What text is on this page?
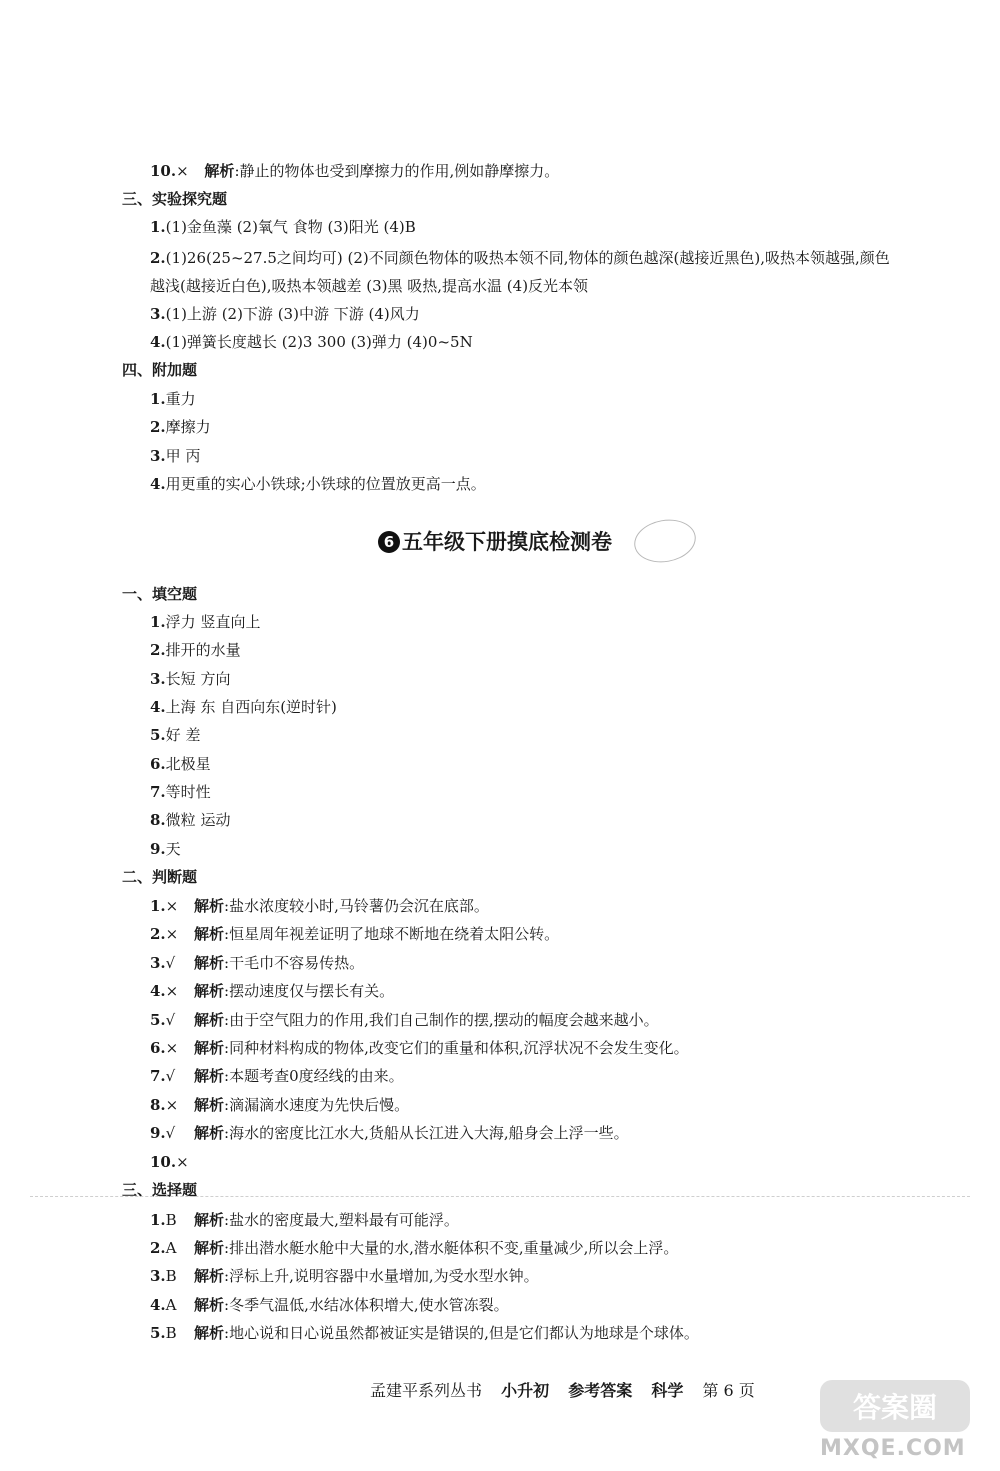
10.× 解析:静止的物体也受到摩擦力的作用,例如静摩擦力。
三、实验探究题
1.(1)金鱼藻 (2)氧气 食物 (3)阳光 (4)B
2.(1)26(25~27.5之间均可) (2)不同颜色物体的吸热本领不同,物体的颜色越深(越接近黑色),吸热本领越强,颜色越浅(越接近白色),吸热本领越差 (3)黑 吸热,提高水温 (4)反光本领
3.(1)上游 (2)下游 (3)中游 下游 (4)风力
4.(1)弹簧长度越长 (2)3 300 (3)弹力 (4)0~5N
四、附加题
1.重力
2.摩擦力
3.甲 丙
4.用更重的实心小铁球;小铁球的位置放更高一点。
6 五年级下册摸底检测卷
一、填空题
1.浮力 竖直向上
2.排开的水量
3.长短 方向
4.上海 东 自西向东(逆时针)
5.好 差
6.北极星
7.等时性
8.微粒 运动
9.天
二、判断题
1.× 解析:盐水浓度较小时,马铃薯仍会沉在底部。
2.× 解析:恒星周年视差证明了地球不断地在绕着太阳公转。
3.√ 解析:干毛巾不容易传热。
4.× 解析:摆动速度仅与摆长有关。
5.√ 解析:由于空气阻力的作用,我们自己制作的摆,摆动的幅度会越来越小。
6.× 解析:同种材料构成的物体,改变它们的重量和体积,沉浮状况不会发生变化。
7.√ 解析:本题考查0度经线的由来。
8.× 解析:滴漏滴水速度为先快后慢。
9.√ 解析:海水的密度比江水大,货船从长江进入大海,船身会上浮一些。
10.×
三、选择题
1.B 解析:盐水的密度最大,塑料最有可能浮。
2.A 解析:排出潜水艇水舱中大量的水,潜水艇体积不变,重量减少,所以会上浮。
3.B 解析:浮标上升,说明容器中水量增加,为受水型水钟。
4.A 解析:冬季气温低,水结冰体积增大,使水管冻裂。
5.B 解析:地心说和日心说虽然都被证实是错误的,但是它们都认为地球是个球体。
孟建平系列丛书 小升初 参考答案 科学 第 6 页
答案圈
MXQE.COM
